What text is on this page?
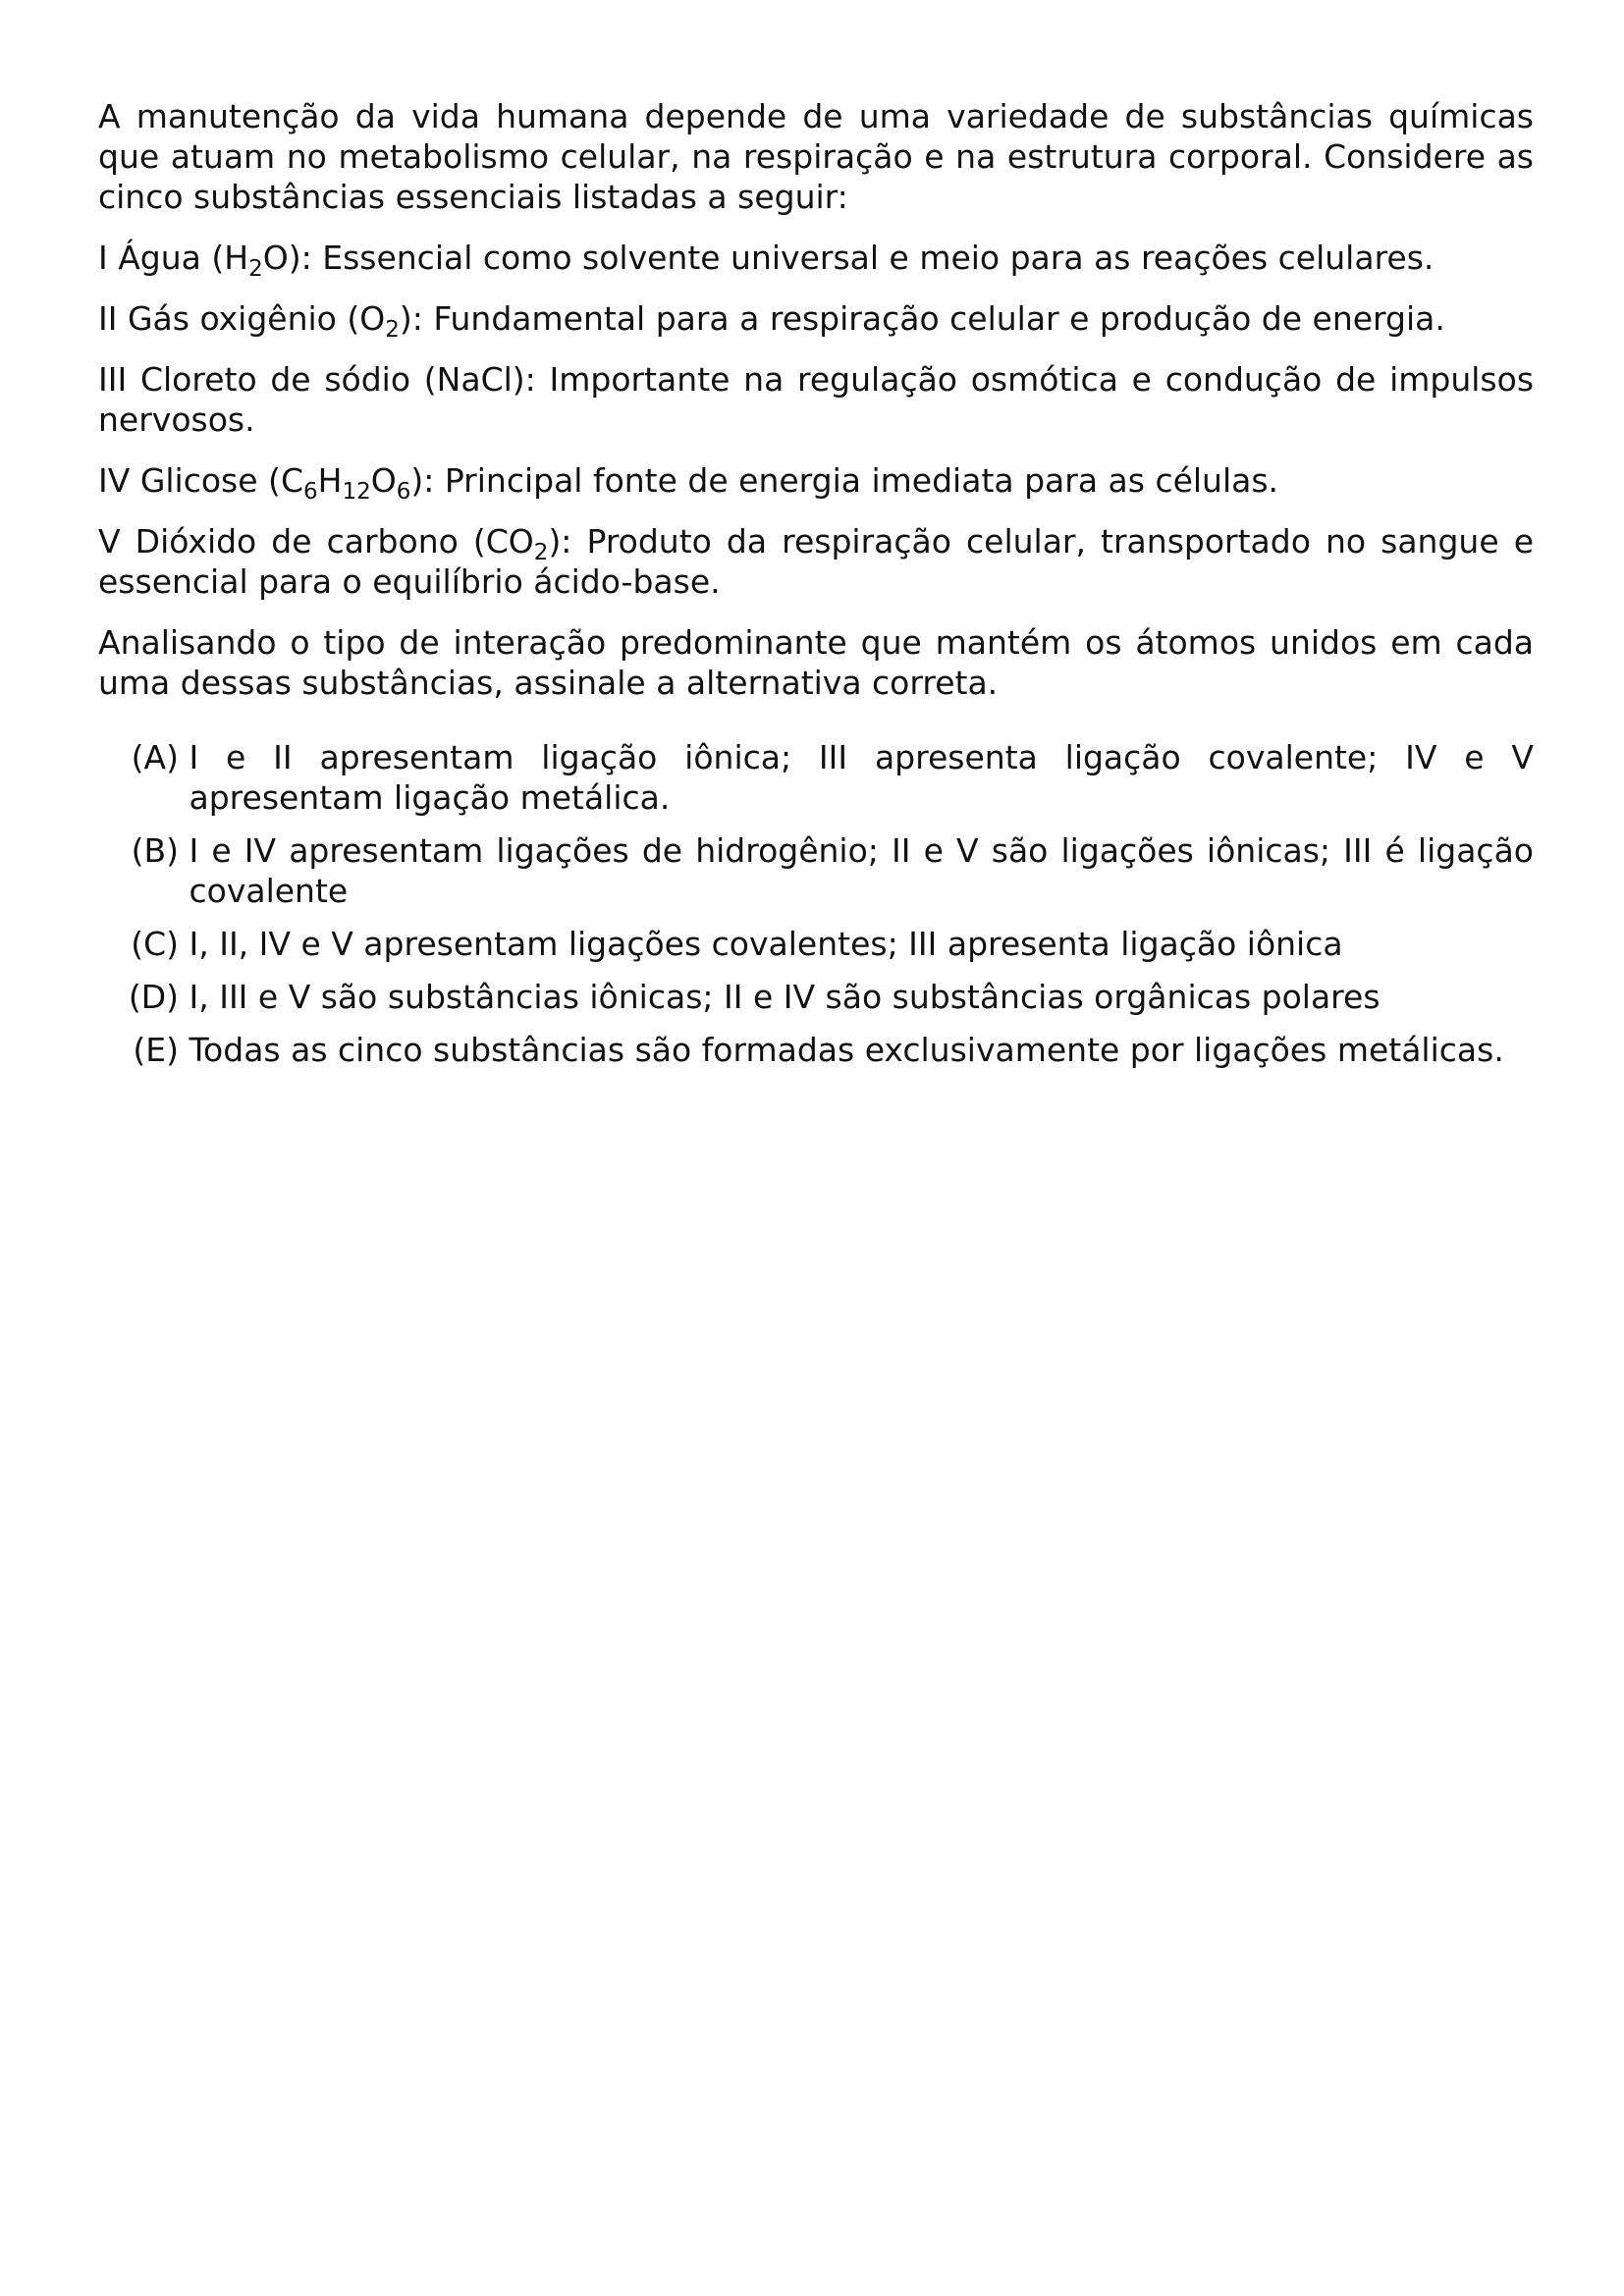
A manutenção da vida humana depende de uma variedade de substâncias químicas que atuam no metabolismo celular, na respiração e na estrutura corporal. Considere as cinco substâncias essenciais listadas a seguir:

I Água $(H_2O)$: Essencial como solvente universal e meio para as reações celulares.

II Gás oxigênio $(O_2)$: Fundamental para a respiração celular e produção de energia.

III Cloreto de sódio (NaCl): Importante na regulação osmótica e condução de impulsos nervosos.

IV Glicose $(C_6H_{12}O_6)$: Principal fonte de energia imediata para as células.

V Dióxido de carbono $(CO_2)$: Produto da respiração celular, transportado no sangue e essencial para o equilíbrio ácido-base.

Analisando o tipo de interação predominante que mantém os átomos unidos em cada uma dessas substâncias, assinale a alternativa correta.

(A)
I e II apresentam ligação iônica; III apresenta ligação covalente; IV e V apresentam ligação metálica.
(B)
I e IV apresentam ligações de hidrogênio; II e V são ligações iônicas; III é ligação covalente
(C)
I, II, IV e V apresentam ligações covalentes; III apresenta ligação iônica
(D)
I, III e V são substâncias iônicas; II e IV são substâncias orgânicas polares
(E)
Todas as cinco substâncias são formadas exclusivamente por ligações metálicas.
